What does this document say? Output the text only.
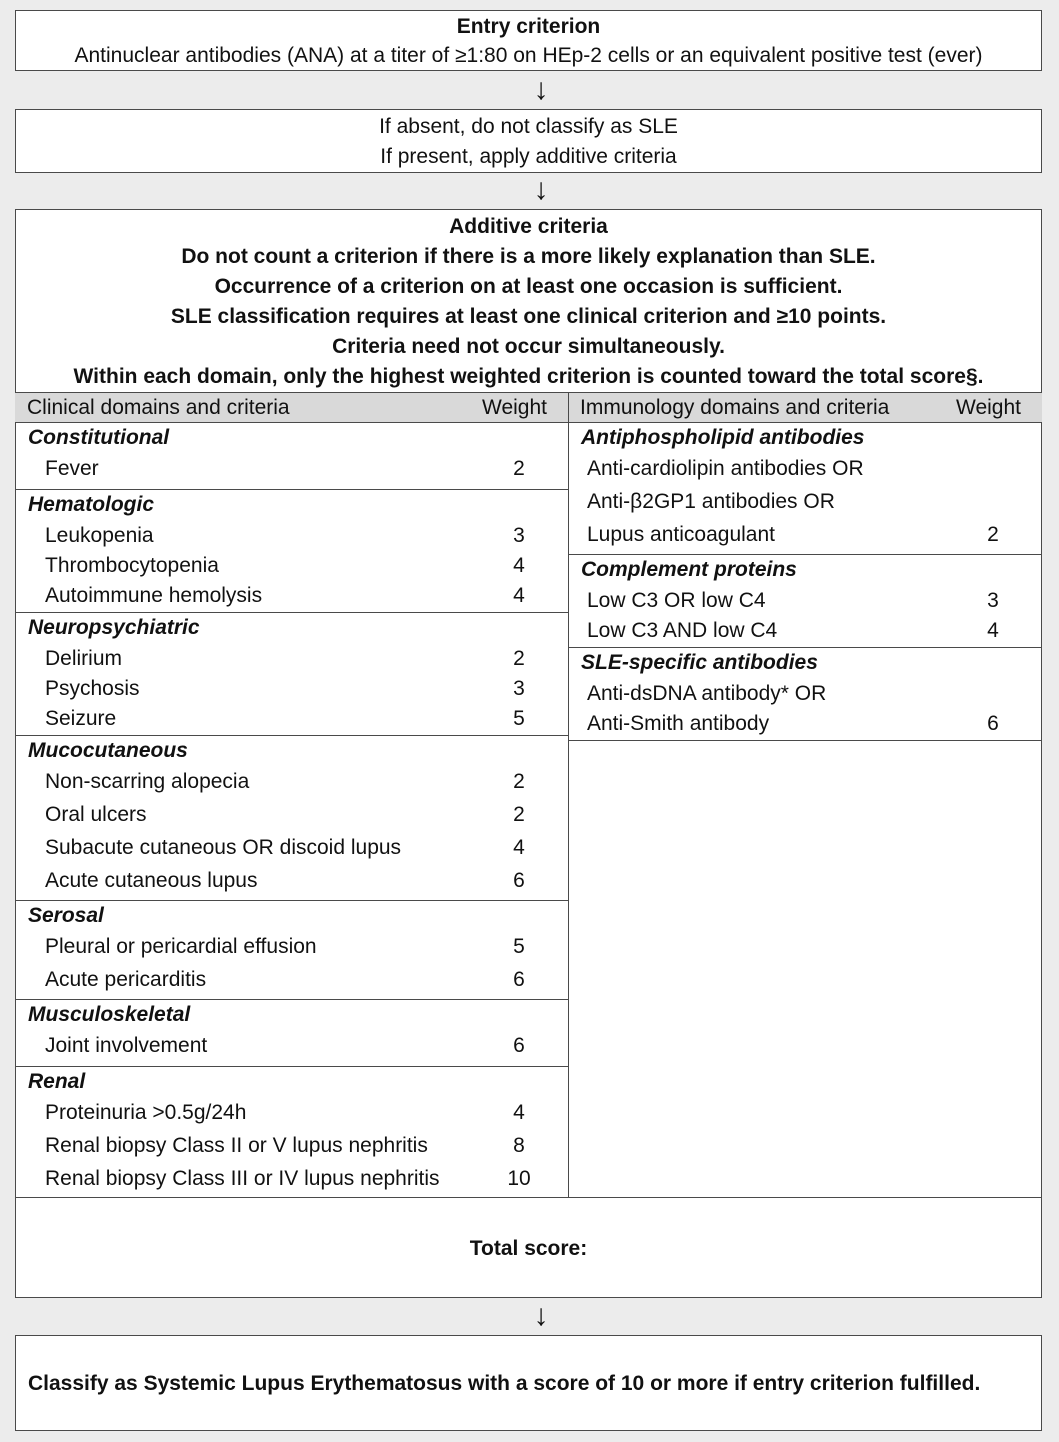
Entry criterion
Antinuclear antibodies (ANA) at a titer of ≥1:80 on HEp-2 cells or an equivalent positive test (ever)
↓
If absent, do not classify as SLE
If present, apply additive criteria
↓
Additive criteria
Do not count a criterion if there is a more likely explanation than SLE.
Occurrence of a criterion on at least one occasion is sufficient.
SLE classification requires at least one clinical criterion and ≥10 points.
Criteria need not occur simultaneously.
Within each domain, only the highest weighted criterion is counted toward the total score§.
Total score:
Clinical domains and criteria	Weight Immunology domains and criteria	Weight
Constitutional
Fever	2
Hematologic
Leukopenia	3
Thrombocytopenia	4
Autoimmune hemolysis	4
Neuropsychiatric
Delirium	2
Psychosis	3
Seizure	5
Mucocutaneous
Non-scarring alopecia	2
Oral ulcers	2
Subacute cutaneous OR discoid lupus	4
Acute cutaneous lupus	6
Serosal
Pleural or pericardial effusion	5
Acute pericarditis	6
Musculoskeletal
Joint involvement	6
Renal
Proteinuria >0.5g/24h	4
Renal biopsy Class II or V lupus nephritis	8
Renal biopsy Class III or IV lupus nephritis	10
Antiphospholipid antibodies
Anti-cardiolipin antibodies OR
Anti-β2GP1 antibodies OR
Lupus anticoagulant	2
Complement proteins
Low C3 OR low C4	3
Low C3 AND low C4	4
SLE-specific antibodies
Anti-dsDNA antibody* OR
Anti-Smith antibody	6
↓
Classify as Systemic Lupus Erythematosus with a score of 10 or more if entry criterion fulfilled.
